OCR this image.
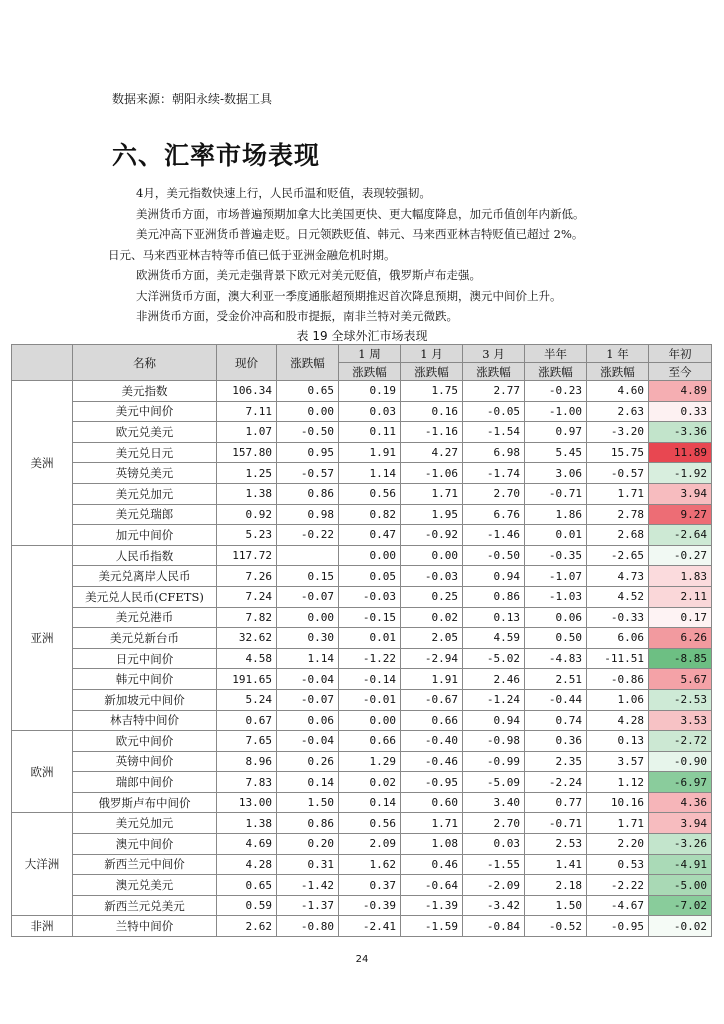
数据来源：朝阳永续-数据工具
六、汇率市场表现

4月，美元指数快速上行，人民币温和贬值，表现较强韧。

美洲货币方面，市场普遍预期加拿大比美国更快、更大幅度降息，加元币值创年内新低。

美元冲高下亚洲货币普遍走贬。日元领跌贬值、韩元、马来西亚林吉特贬值已超过 2%。

日元、马来西亚林吉特等币值已低于亚洲金融危机时期。

欧洲货币方面，美元走强背景下欧元对美元贬值，俄罗斯卢布走强。

大洋洲货币方面，澳大利亚一季度通胀超预期推迟首次降息预期，澳元中间价上升。

非洲货币方面，受金价冲高和股市提振，南非兰特对美元微跌。

表 19 全球外汇市场表现
	名称	现价	涨跌幅	1 周	1 月	3 月	半年	1 年	年初
				涨跌幅	涨跌幅	涨跌幅	涨跌幅	涨跌幅	至今
美洲	美元指数	106.34	0.65	0.19	1.75	2.77	-0.23	4.60	4.89
	美元中间价	7.11	0.00	0.03	0.16	-0.05	-1.00	2.63	0.33
	欧元兑美元	1.07	-0.50	0.11	-1.16	-1.54	0.97	-3.20	-3.36
	美元兑日元	157.80	0.95	1.91	4.27	6.98	5.45	15.75	11.89
	英镑兑美元	1.25	-0.57	1.14	-1.06	-1.74	3.06	-0.57	-1.92
	美元兑加元	1.38	0.86	0.56	1.71	2.70	-0.71	1.71	3.94
	美元兑瑞郎	0.92	0.98	0.82	1.95	6.76	1.86	2.78	9.27
	加元中间价	5.23	-0.22	0.47	-0.92	-1.46	0.01	2.68	-2.64
亚洲	人民币指数	117.72		0.00	0.00	-0.50	-0.35	-2.65	-0.27
	美元兑离岸人民币	7.26	0.15	0.05	-0.03	0.94	-1.07	4.73	1.83
	美元兑人民币(CFETS)	7.24	-0.07	-0.03	0.25	0.86	-1.03	4.52	2.11
	美元兑港币	7.82	0.00	-0.15	0.02	0.13	0.06	-0.33	0.17
	美元兑新台币	32.62	0.30	0.01	2.05	4.59	0.50	6.06	6.26
	日元中间价	4.58	1.14	-1.22	-2.94	-5.02	-4.83	-11.51	-8.85
	韩元中间价	191.65	-0.04	-0.14	1.91	2.46	2.51	-0.86	5.67
	新加坡元中间价	5.24	-0.07	-0.01	-0.67	-1.24	-0.44	1.06	-2.53
	林吉特中间价	0.67	0.06	0.00	0.66	0.94	0.74	4.28	3.53
欧洲	欧元中间价	7.65	-0.04	0.66	-0.40	-0.98	0.36	0.13	-2.72
	英镑中间价	8.96	0.26	1.29	-0.46	-0.99	2.35	3.57	-0.90
	瑞郎中间价	7.83	0.14	0.02	-0.95	-5.09	-2.24	1.12	-6.97
	俄罗斯卢布中间价	13.00	1.50	0.14	0.60	3.40	0.77	10.16	4.36
大洋洲	美元兑加元	1.38	0.86	0.56	1.71	2.70	-0.71	1.71	3.94
	澳元中间价	4.69	0.20	2.09	1.08	0.03	2.53	2.20	-3.26
	新西兰元中间价	4.28	0.31	1.62	0.46	-1.55	1.41	0.53	-4.91
	澳元兑美元	0.65	-1.42	0.37	-0.64	-2.09	2.18	-2.22	-5.00
	新西兰元兑美元	0.59	-1.37	-0.39	-1.39	-3.42	1.50	-4.67	-7.02
非洲	兰特中间价	2.62	-0.80	-2.41	-1.59	-0.84	-0.52	-0.95	-0.02
24
